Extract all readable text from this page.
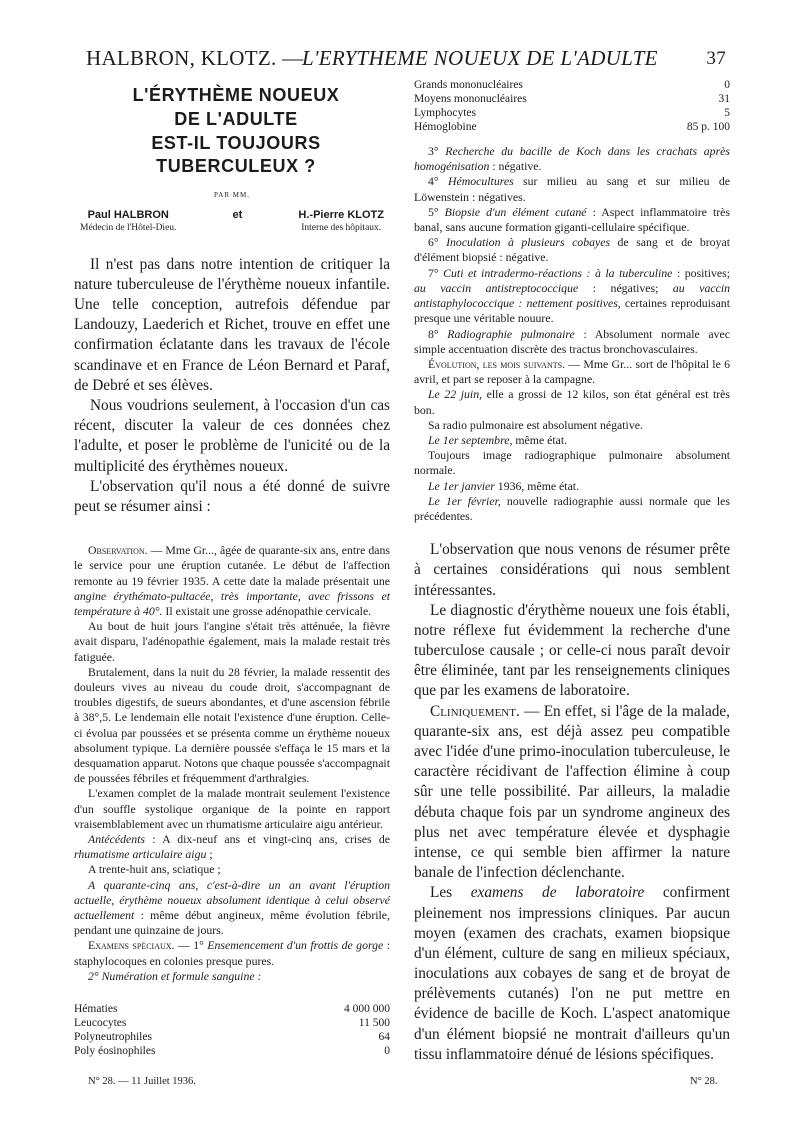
HALBRON, KLOTZ. —
L'ERYTHEME NOUEUX DE L'ADULTE	37
L'ÉRYTHÈME NOUEUX
DE L'ADULTE
EST-IL TOUJOURS
TUBERCULEUX ?
PAR MM.
Paul HALBRON
Médecin de l'Hôtel-Dieu.
et	H.-Pierre KLOTZ
Interne des hôpitaux.

Il n'est pas dans notre intention de critiquer la nature tuberculeuse de l'érythème noueux infantile. Une telle conception, autrefois défendue par Landouzy, Laederich et Richet, trouve en effet une confirmation éclatante dans les travaux de l'école scandinave et en France de Léon Bernard et Paraf, de Debré et ses élèves.

Nous voudrions seulement, à l'occasion d'un cas récent, discuter la valeur de ces données chez l'adulte, et poser le problème de l'unicité ou de la multiplicité des érythèmes noueux.

L'observation qu'il nous a été donné de suivre peut se résumer ainsi :

Observation. — Mme Gr..., âgée de quarante-six ans, entre dans le service pour une éruption cutanée. Le début de l'affection remonte au 19 février 1935. A cette date la malade présentait une angine érythémato-pultacée, très importante, avec frissons et température à 40°. Il existait une grosse adénopathie cervicale.

Au bout de huit jours l'angine s'était très atténuée, la fièvre avait disparu, l'adénopathie également, mais la malade restait très fatiguée.

Brutalement, dans la nuit du 28 février, la malade ressentit des douleurs vives au niveau du coude droit, s'accompagnant de troubles digestifs, de sueurs abondantes, et d'une ascension fébrile à 38°,5. Le lendemain elle notait l'existence d'une éruption. Celle-ci évolua par poussées et se présenta comme un érythème noueux absolument typique. La dernière poussée s'effaça le 15 mars et la desquamation apparut. Notons que chaque poussée s'accompagnait de poussées fébriles et fréquemment d'arthralgies.

L'examen complet de la malade montrait seulement l'existence d'un souffle systolique organique de la pointe en rapport vraisemblablement avec un rhumatisme articulaire aigu antérieur.

Antécédents : A dix-neuf ans et vingt-cinq ans, crises de rhumatisme articulaire aigu ;

A trente-huit ans, sciatique ;

A quarante-cinq ans, c'est-à-dire un an avant l'éruption actuelle, érythème noueux absolument identique à celui observé actuellement : même début angineux, même évolution fébrile, pendant une quinzaine de jours.

Examens spéciaux. — 1° Ensemencement d'un frottis de gorge : staphylocoques en colonies presque pures.

2° Numération et formule sanguine :

Hématies	4 000 000
Leucocytes	11 500
Polyneutrophiles	64
Poly éosinophiles	0
Grands mononucléaires	0
Moyens mononucléaires	31
Lymphocytes	5
Hémoglobine	85 p. 100

3° Recherche du bacille de Koch dans les crachats après homogénisation : négative.

4° Hémocultures sur milieu au sang et sur milieu de Löwenstein : négatives.

5° Biopsie d'un élément cutané : Aspect inflammatoire très banal, sans aucune formation giganti-cellulaire spécifique.

6° Inoculation à plusieurs cobayes de sang et de broyat d'élément biopsié : négative.

7° Cuti et intradermo-réactions : à la tuberculine : positives; au vaccin antistreptococcique : négatives; au vaccin antistaphylococcique : nettement positives, certaines reproduisant presque une véritable nouure.

8° Radiographie pulmonaire : Absolument normale avec simple accentuation discrète des tractus bronchovasculaires.

Évolution, les mois suivants. — Mme Gr... sort de l'hôpital le 6 avril, et part se reposer à la campagne.

Le 22 juin, elle a grossi de 12 kilos, son état général est très bon.

Sa radio pulmonaire est absolument négative.

Le 1er septembre, même état.

Toujours image radiographique pulmonaire absolument normale.

Le 1er janvier 1936, même état.

Le 1er février, nouvelle radiographie aussi normale que les précédentes.

L'observation que nous venons de résumer prête à certaines considérations qui nous semblent intéressantes.

Le diagnostic d'érythème noueux une fois établi, notre réflexe fut évidemment la recherche d'une tuberculose causale ; or celle-ci nous paraît devoir être éliminée, tant par les renseignements cliniques que par les examens de laboratoire.

Cliniquement. — En effet, si l'âge de la malade, quarante-six ans, est déjà assez peu compatible avec l'idée d'une primo-inoculation tuberculeuse, le caractère récidivant de l'affection élimine à coup sûr une telle possibilité. Par ailleurs, la maladie débuta chaque fois par un syndrome angineux des plus net avec température élevée et dysphagie intense, ce qui semble bien affirmer la nature banale de l'infection déclenchante.

Les examens de laboratoire confirment pleinement nos impressions cliniques. Par aucun moyen (examen des crachats, examen biopsique d'un élément, culture de sang en milieux spéciaux, inoculations aux cobayes de sang et de broyat de prélèvements cutanés) l'on ne put mettre en évidence de bacille de Koch. L'aspect anatomique d'un élément biopsié ne montrait d'ailleurs qu'un tissu inflammatoire dénué de lésions spécifiques.

N° 28. — 11 Juillet 1936.	N° 28.
